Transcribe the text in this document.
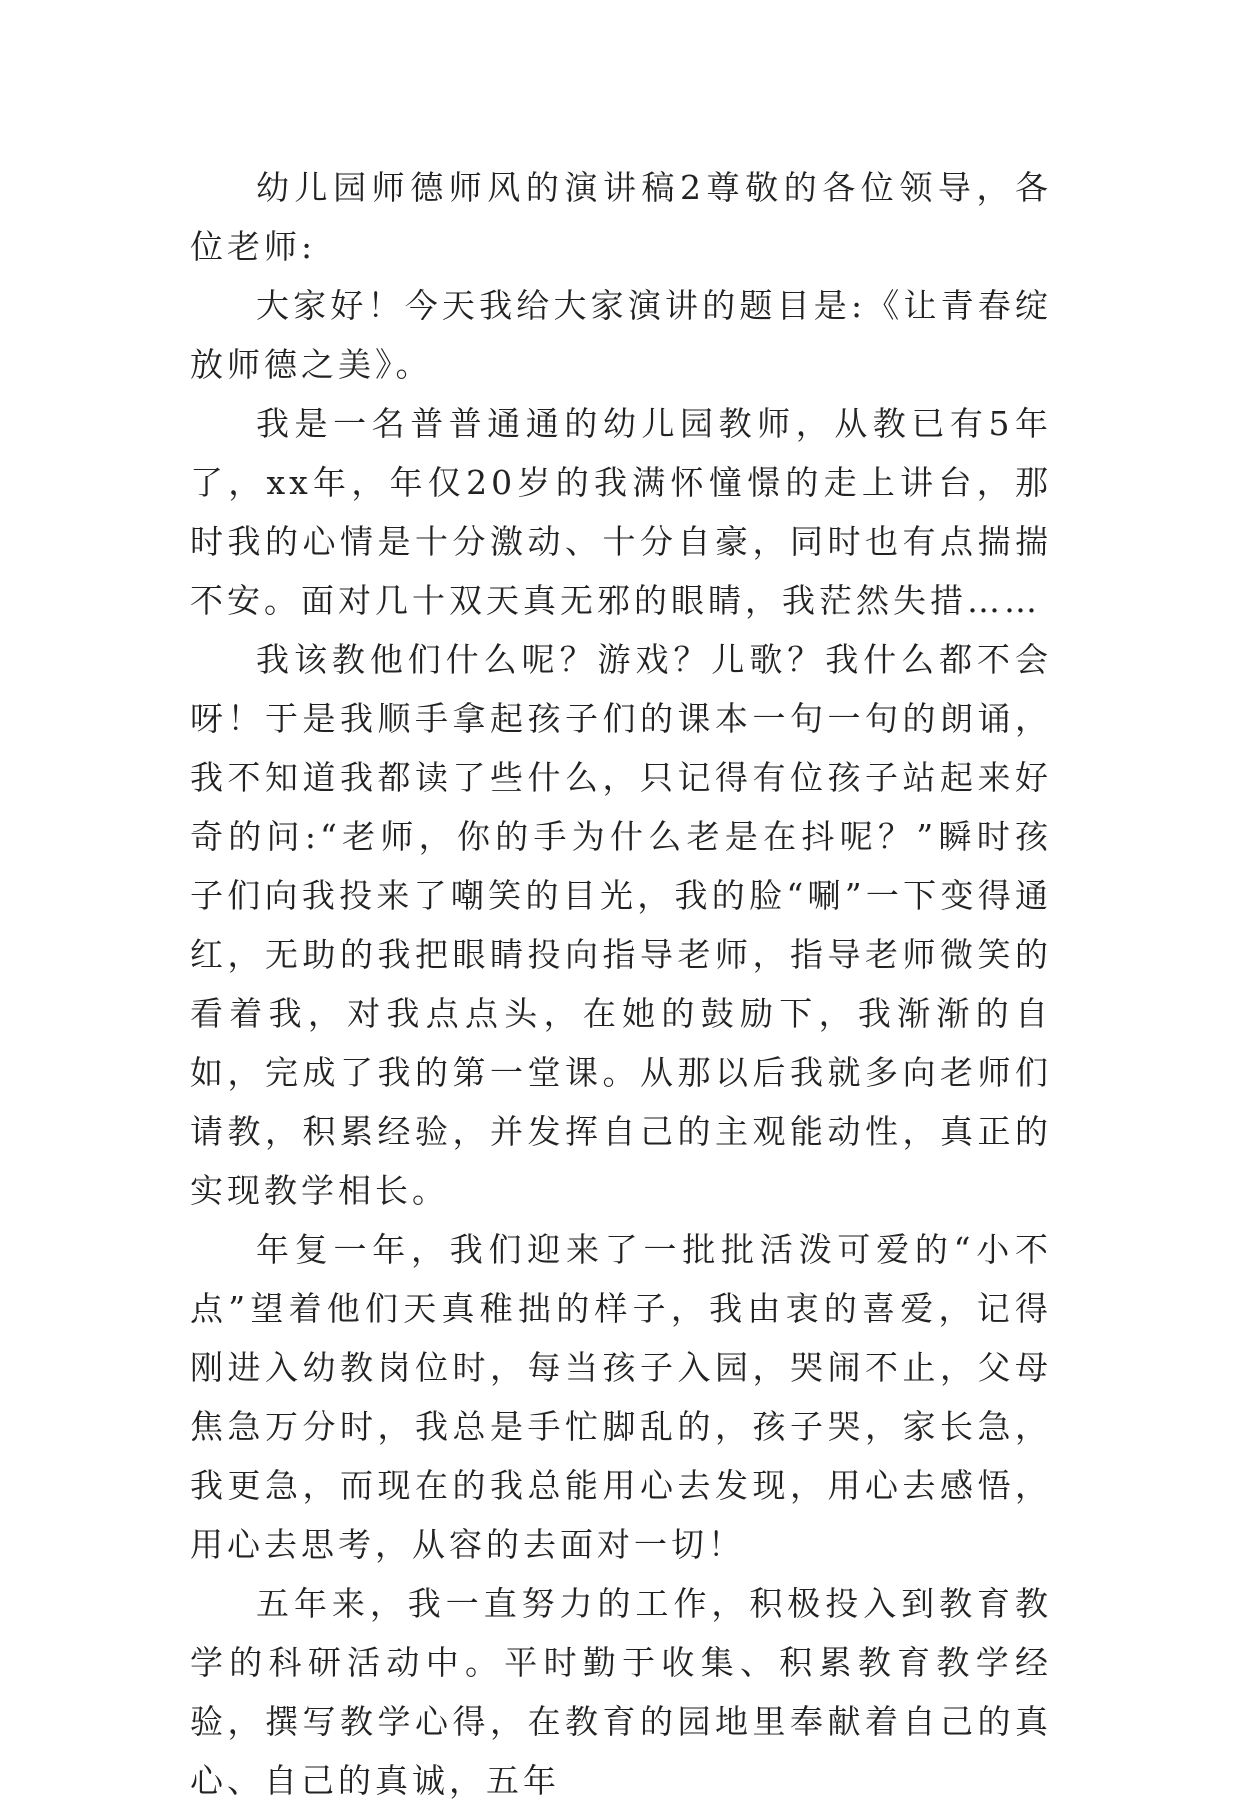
幼儿园师德师风的演讲稿2尊敬的各位领导，各位老师:

大家好！今天我给大家演讲的题目是:《让青春绽放师德之美》。

我是一名普普通通的幼儿园教师，从教已有5年了，xx年，年仅20岁的我满怀憧憬的走上讲台，那时我的心情是十分激动、十分自豪，同时也有点揣揣不安。面对几十双天真无邪的眼睛，我茫然失措……

我该教他们什么呢？游戏？儿歌？我什么都不会呀！于是我顺手拿起孩子们的课本一句一句的朗诵，我不知道我都读了些什么，只记得有位孩子站起来好奇的问:“老师，你的手为什么老是在抖呢？”瞬时孩子们向我投来了嘲笑的目光，我的脸“唰”一下变得通红，无助的我把眼睛投向指导老师，指导老师微笑的看着我，对我点点头，在她的鼓励下，我渐渐的自如，完成了我的第一堂课。从那以后我就多向老师们请教，积累经验，并发挥自己的主观能动性，真正的实现教学相长。

年复一年，我们迎来了一批批活泼可爱的“小不点”望着他们天真稚拙的样子，我由衷的喜爱，记得刚进入幼教岗位时，每当孩子入园，哭闹不止，父母焦急万分时，我总是手忙脚乱的，孩子哭，家长急，我更急，而现在的我总能用心去发现，用心去感悟，用心去思考，从容的去面对一切！

五年来，我一直努力的工作，积极投入到教育教学的科研活动中。平时勤于收集、积累教育教学经验，撰写教学心得，在教育的园地里奉献着自己的真心、自己的真诚，五年
